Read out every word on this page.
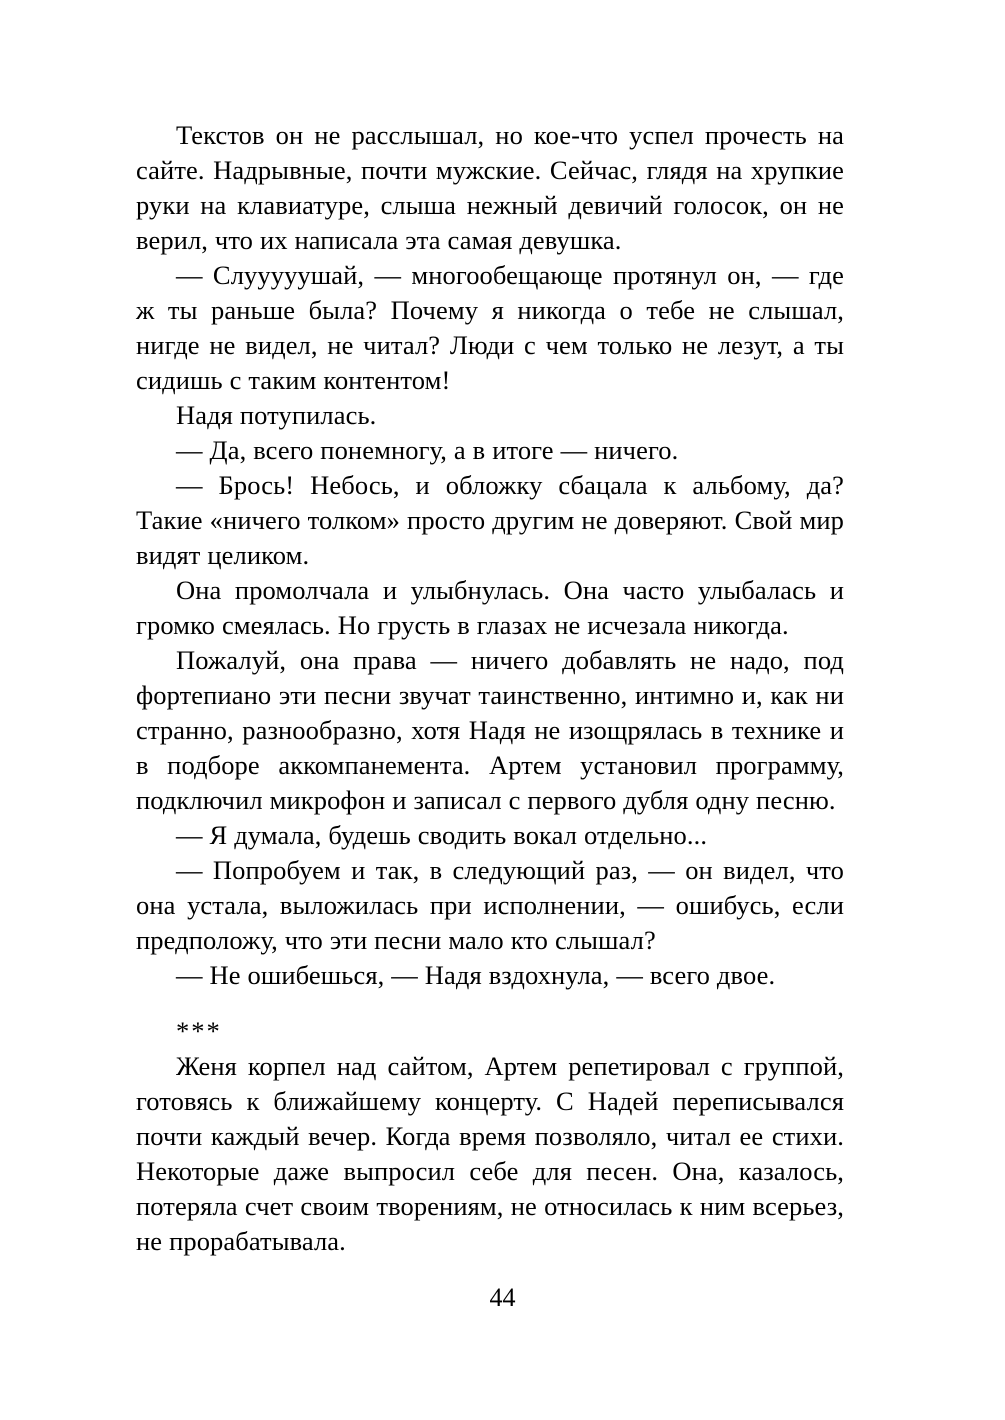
Текстов он не расслышал, но кое-что успел прочесть на сайте. Надрывные, почти мужские. Сейчас, глядя на хрупкие руки на клавиатуре, слыша нежный девичий голосок, он не верил, что их написала эта самая девушка.

— Слууууушай, — многообещающе протянул он, — где ж ты раньше была? Почему я никогда о тебе не слышал, нигде не видел, не читал? Люди с чем только не лезут, а ты сидишь с таким контентом!

Надя потупилась.

— Да, всего понемногу, а в итоге — ничего.

— Брось! Небось, и обложку сбацала к альбому, да? Такие «ничего толком» просто другим не доверяют. Свой мир видят целиком.

Она промолчала и улыбнулась. Она часто улыбалась и громко смеялась. Но грусть в глазах не исчезала никогда.

Пожалуй, она права — ничего добавлять не надо, под фортепиано эти песни звучат таинственно, интимно и, как ни странно, разнообразно, хотя Надя не изощрялась в технике и в подборе аккомпанемента. Артем установил программу, подключил микрофон и записал с первого дубля одну песню.

— Я думала, будешь сводить вокал отдельно...

— Попробуем и так, в следующий раз, — он видел, что она устала, выложилась при исполнении, — ошибусь, если предположу, что эти песни мало кто слышал?

— Не ошибешься, — Надя вздохнула, — всего двое.

***

Женя корпел над сайтом, Артем репетировал с группой, готовясь к ближайшему концерту. С Надей переписывался почти каждый вечер. Когда время позволяло, читал ее стихи. Некоторые даже выпросил себе для песен. Она, казалось, потеряла счет своим творениям, не относилась к ним всерьез, не прорабатывала.

44
